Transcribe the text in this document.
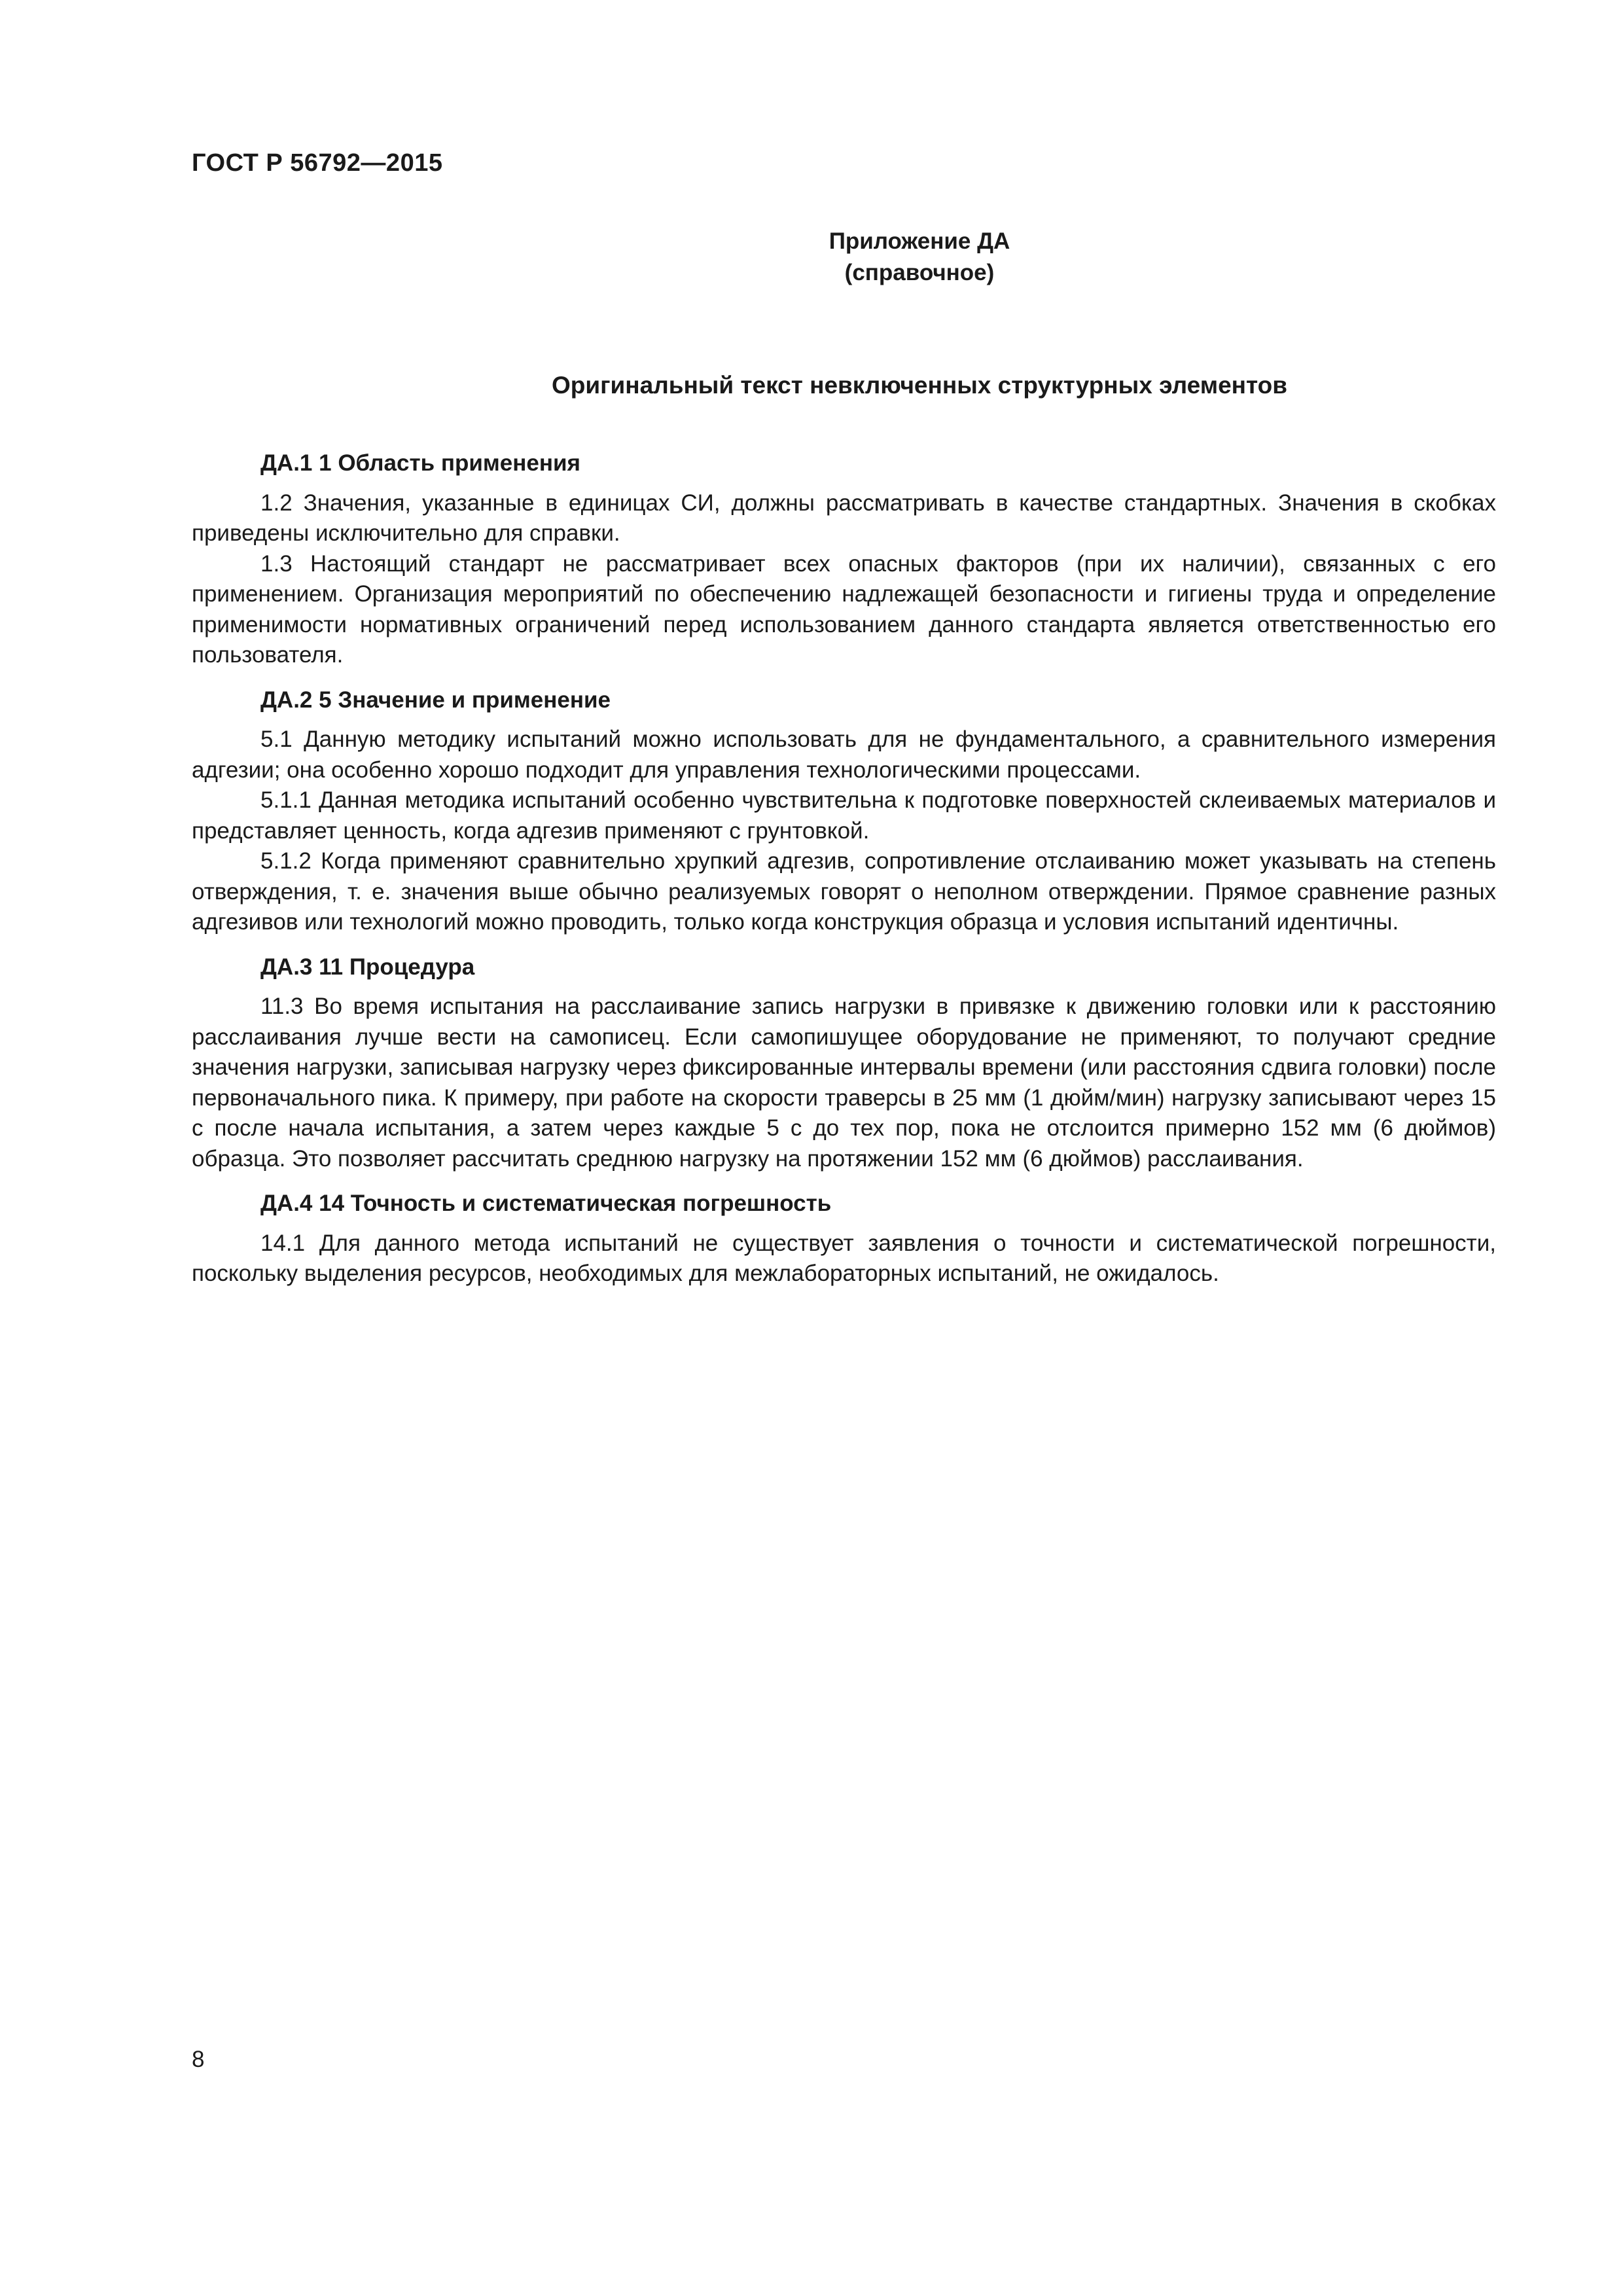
ГОСТ Р 56792—2015
Приложение ДА
(справочное)
Оригинальный текст невключенных структурных элементов

ДА.1 1 Область применения

1.2 Значения, указанные в единицах СИ, должны рассматривать в качестве стандартных. Значения в скобках приведены исключительно для справки.

1.3 Настоящий стандарт не рассматривает всех опасных факторов (при их наличии), связанных с его применением. Организация мероприятий по обеспечению надлежащей безопасности и гигиены труда и определение применимости нормативных ограничений перед использованием данного стандарта является ответственностью его пользователя.

ДА.2 5 Значение и применение

5.1 Данную методику испытаний можно использовать для не фундаментального, а сравнительного измерения адгезии; она особенно хорошо подходит для управления технологическими процессами.

5.1.1 Данная методика испытаний особенно чувствительна к подготовке поверхностей склеиваемых материалов и представляет ценность, когда адгезив применяют с грунтовкой.

5.1.2 Когда применяют сравнительно хрупкий адгезив, сопротивление отслаиванию может указывать на степень отверждения, т. е. значения выше обычно реализуемых говорят о неполном отверждении. Прямое сравнение разных адгезивов или технологий можно проводить, только когда конструкция образца и условия испытаний идентичны.

ДА.3 11 Процедура

11.3 Во время испытания на расслаивание запись нагрузки в привязке к движению головки или к расстоянию расслаивания лучше вести на самописец. Если самопишущее оборудование не применяют, то получают средние значения нагрузки, записывая нагрузку через фиксированные интервалы времени (или расстояния сдвига головки) после первоначального пика. К примеру, при работе на скорости траверсы в 25 мм (1 дюйм/мин) нагрузку записывают через 15 с после начала испытания, а затем через каждые 5 с до тех пор, пока не отслоится примерно 152 мм (6 дюймов) образца. Это позволяет рассчитать среднюю нагрузку на протяжении 152 мм (6 дюймов) расслаивания.

ДА.4 14 Точность и систематическая погрешность

14.1 Для данного метода испытаний не существует заявления о точности и систематической погрешности, поскольку выделения ресурсов, необходимых для межлабораторных испытаний, не ожидалось.

8
